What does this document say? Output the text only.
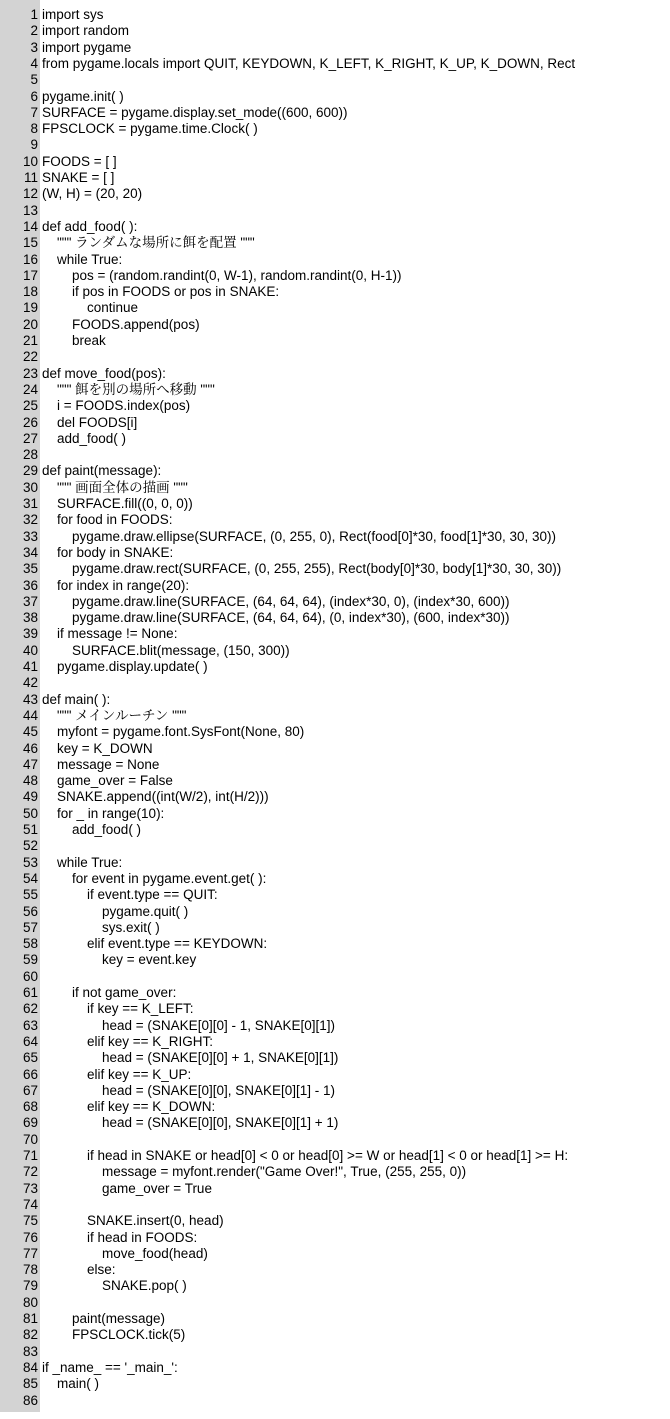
1 import sys
2 import random
3 import pygame
4 from pygame.locals import QUIT, KEYDOWN, K_LEFT, K_RIGHT, K_UP, K_DOWN, Rect
5
6 pygame.init( )
7 SURFACE = pygame.display.set_mode((600, 600))
8 FPSCLOCK = pygame.time.Clock( )
9
10 FOODS = [ ]
11 SNAKE = [ ]
12 (W, H) = (20, 20)
13
14 def add_food( ):
15 """ ランダムな場所に餌を配置 """
16 while True:
17 pos = (random.randint(0, W-1), random.randint(0, H-1))
18 if pos in FOODS or pos in SNAKE:
19 continue
20 FOODS.append(pos)
21 break
22
23 def move_food(pos):
24 """ 餌を別の場所へ移動 """
25 i = FOODS.index(pos)
26 del FOODS[i]
27 add_food( )
28
29 def paint(message):
30 """ 画面全体の描画 """
31 SURFACE.fill((0, 0, 0))
32 for food in FOODS:
33 pygame.draw.ellipse(SURFACE, (0, 255, 0), Rect(food[0]*30, food[1]*30, 30, 30))
34 for body in SNAKE:
35 pygame.draw.rect(SURFACE, (0, 255, 255), Rect(body[0]*30, body[1]*30, 30, 30))
36 for index in range(20):
37 pygame.draw.line(SURFACE, (64, 64, 64), (index*30, 0), (index*30, 600))
38 pygame.draw.line(SURFACE, (64, 64, 64), (0, index*30), (600, index*30))
39 if message != None:
40 SURFACE.blit(message, (150, 300))
41 pygame.display.update( )
42
43 def main( ):
44 """ メインルーチン """
45 myfont = pygame.font.SysFont(None, 80)
46 key = K_DOWN
47 message = None
48 game_over = False
49 SNAKE.append((int(W/2), int(H/2)))
50 for _ in range(10):
51 add_food( )
52
53 while True:
54 for event in pygame.event.get( ):
55 if event.type == QUIT:
56 pygame.quit( )
57 sys.exit( )
58 elif event.type == KEYDOWN:
59 key = event.key
60
61 if not game_over:
62 if key == K_LEFT:
63 head = (SNAKE[0][0] - 1, SNAKE[0][1])
64 elif key == K_RIGHT:
65 head = (SNAKE[0][0] + 1, SNAKE[0][1])
66 elif key == K_UP:
67 head = (SNAKE[0][0], SNAKE[0][1] - 1)
68 elif key == K_DOWN:
69 head = (SNAKE[0][0], SNAKE[0][1] + 1)
70
71 if head in SNAKE or head[0] < 0 or head[0] >= W or head[1] < 0 or head[1] >= H:
72 message = myfont.render("Game Over!", True, (255, 255, 0))
73 game_over = True
74
75 SNAKE.insert(0, head)
76 if head in FOODS:
77 move_food(head)
78 else:
79 SNAKE.pop( )
80
81 paint(message)
82 FPSCLOCK.tick(5)
83
84 if _name_ == '_main_':
85 main( )
86
